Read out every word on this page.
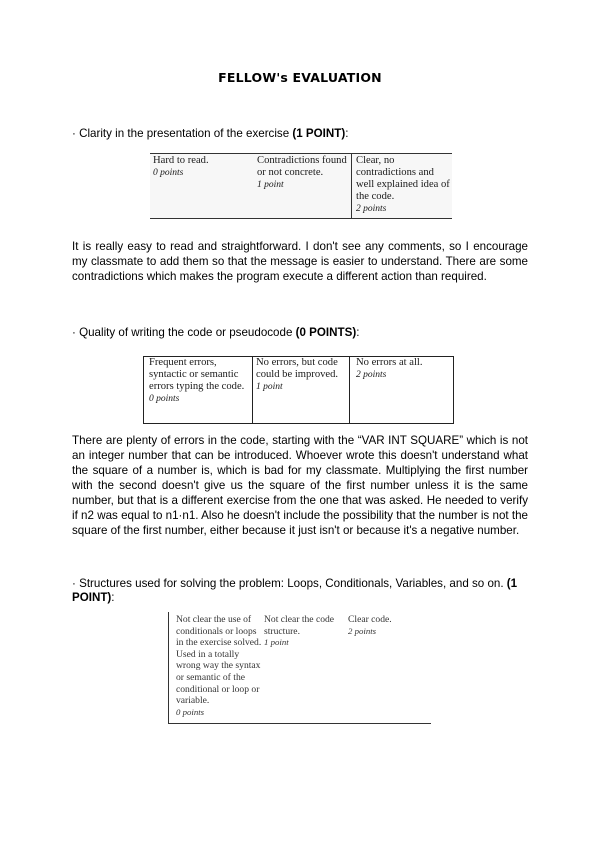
FELLOW's EVALUATION
· Clarity in the presentation of the exercise (1 POINT):
Hard to read.
0 points
Contradictions found or not concrete.
1 point
Clear, no contradictions and well explained idea of the code.
2 points
It is really easy to read and straightforward. I don't see any comments, so I encourage my classmate to add them so that the message is easier to understand. There are some contradictions which makes the program execute a different action than required.
· Quality of writing the code or pseudocode (0 POINTS):
Frequent errors, syntactic or semantic errors typing the code.
0 points
No errors, but code could be improved.
1 point
No errors at all.
2 points
There are plenty of errors in the code, starting with the “VAR INT SQUARE” which is not an integer number that can be introduced. Whoever wrote this doesn't understand what the square of a number is, which is bad for my classmate. Multiplying the first number with the second doesn't give us the square of the first number unless it is the same number, but that is a different exercise from the one that was asked. He needed to verify if n2 was equal to n1·n1. Also he doesn't include the possibility that the number is not the square of the first number, either because it just isn't or because it's a negative number.
· Structures used for solving the problem: Loops, Conditionals, Variables, and so on. (1 POINT):
Not clear the use of conditionals or loops in the exercise solved. Used in a totally wrong way the syntax or semantic of the conditional or loop or variable.
0 points
Not clear the code structure.
1 point
Clear code.
2 points
